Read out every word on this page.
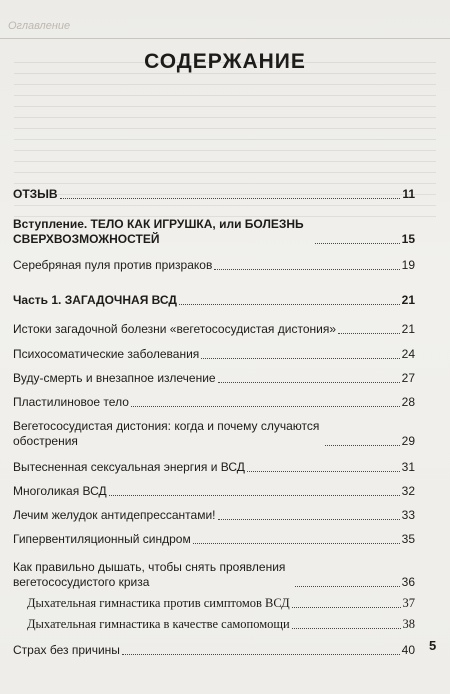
Оглавление
СОДЕРЖАНИЕ
ОТЗЫВ	11
Вступление. ТЕЛО КАК ИГРУШКА, или БОЛЕЗНЬ СВЕРХВОЗМОЖНОСТЕЙ	15
Серебряная пуля против призраков	19
Часть 1. ЗАГАДОЧНАЯ ВСД	21
Истоки загадочной болезни «вегетососудистая дистония»	21
Психосоматические заболевания	24
Вуду-смерть и внезапное излечение	27
Пластилиновое тело	28
Вегетососудистая дистония: когда и почему случаются обострения	29
Вытесненная сексуальная энергия и ВСД	31
Многоликая ВСД	32
Лечим желудок антидепрессантами!	33
Гипервентиляционный синдром	35
Как правильно дышать, чтобы снять проявления вегетососудистого криза	36
Дыхательная гимнастика против симптомов ВСД	37
Дыхательная гимнастика в качестве самопомощи	38
Страх без причины	40 5
